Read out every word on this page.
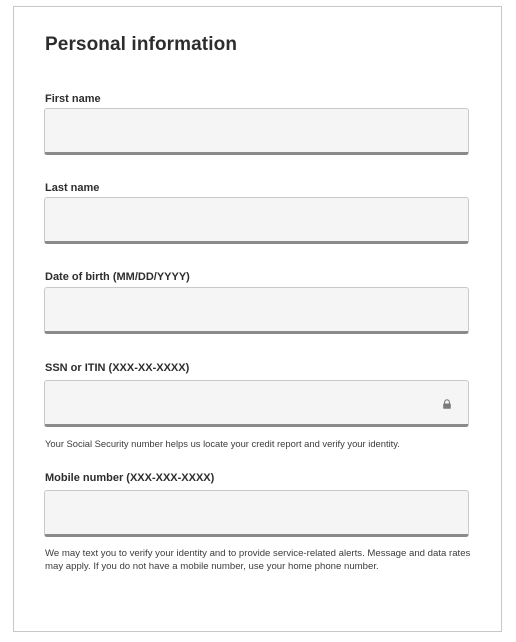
Personal information
First name
Last name
Date of birth (MM/DD/YYYY)
SSN or ITIN (XXX-XX-XXXX)
Your Social Security number helps us locate your credit report and verify your identity.
Mobile number (XXX-XXX-XXXX)
We may text you to verify your identity and to provide service-related alerts. Message and data rates may apply. If you do not have a mobile number, use your home phone number.
